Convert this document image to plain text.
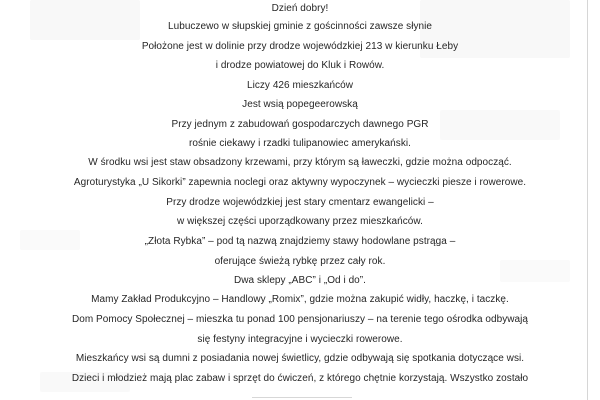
Dzień dobry!
Lubuczewo w słupskiej gminie z gościnności zawsze słynie
Położone jest w dolinie przy drodze wojewódzkiej 213 w kierunku Łeby
i drodze powiatowej do Kluk i Rowów.
Liczy 426 mieszkańców
Jest wsią popegeerowską
Przy jednym z zabudowań gospodarczych dawnego PGR
rośnie ciekawy i rzadki tulipanowiec amerykański.
W środku wsi jest staw obsadzony krzewami, przy którym są ławeczki, gdzie można odpocząć.
Agroturystyka „U Sikorki” zapewnia noclegi oraz aktywny wypoczynek – wycieczki piesze i rowerowe.
Przy drodze wojewódzkiej jest stary cmentarz ewangelicki –
w większej części uporządkowany przez mieszkańców.
„Złota Rybka” – pod tą nazwą znajdziemy stawy hodowlane pstrąga –
oferujące świeżą rybkę przez cały rok.
Dwa sklepy „ABC” i „Od i do”.
Mamy Zakład Produkcyjno – Handlowy „Romix”, gdzie można zakupić widły, haczkę, i taczkę.
Dom Pomocy Społecznej – mieszka tu ponad 100 pensjonariuszy – na terenie tego ośrodka odbywają
się festyny integracyjne i wycieczki rowerowe.
Mieszkańcy wsi są dumni z posiadania nowej świetlicy, gdzie odbywają się spotkania dotyczące wsi.
Dzieci i młodzież mają plac zabaw i sprzęt do ćwiczeń, z którego chętnie korzystają. Wszystko zostało
